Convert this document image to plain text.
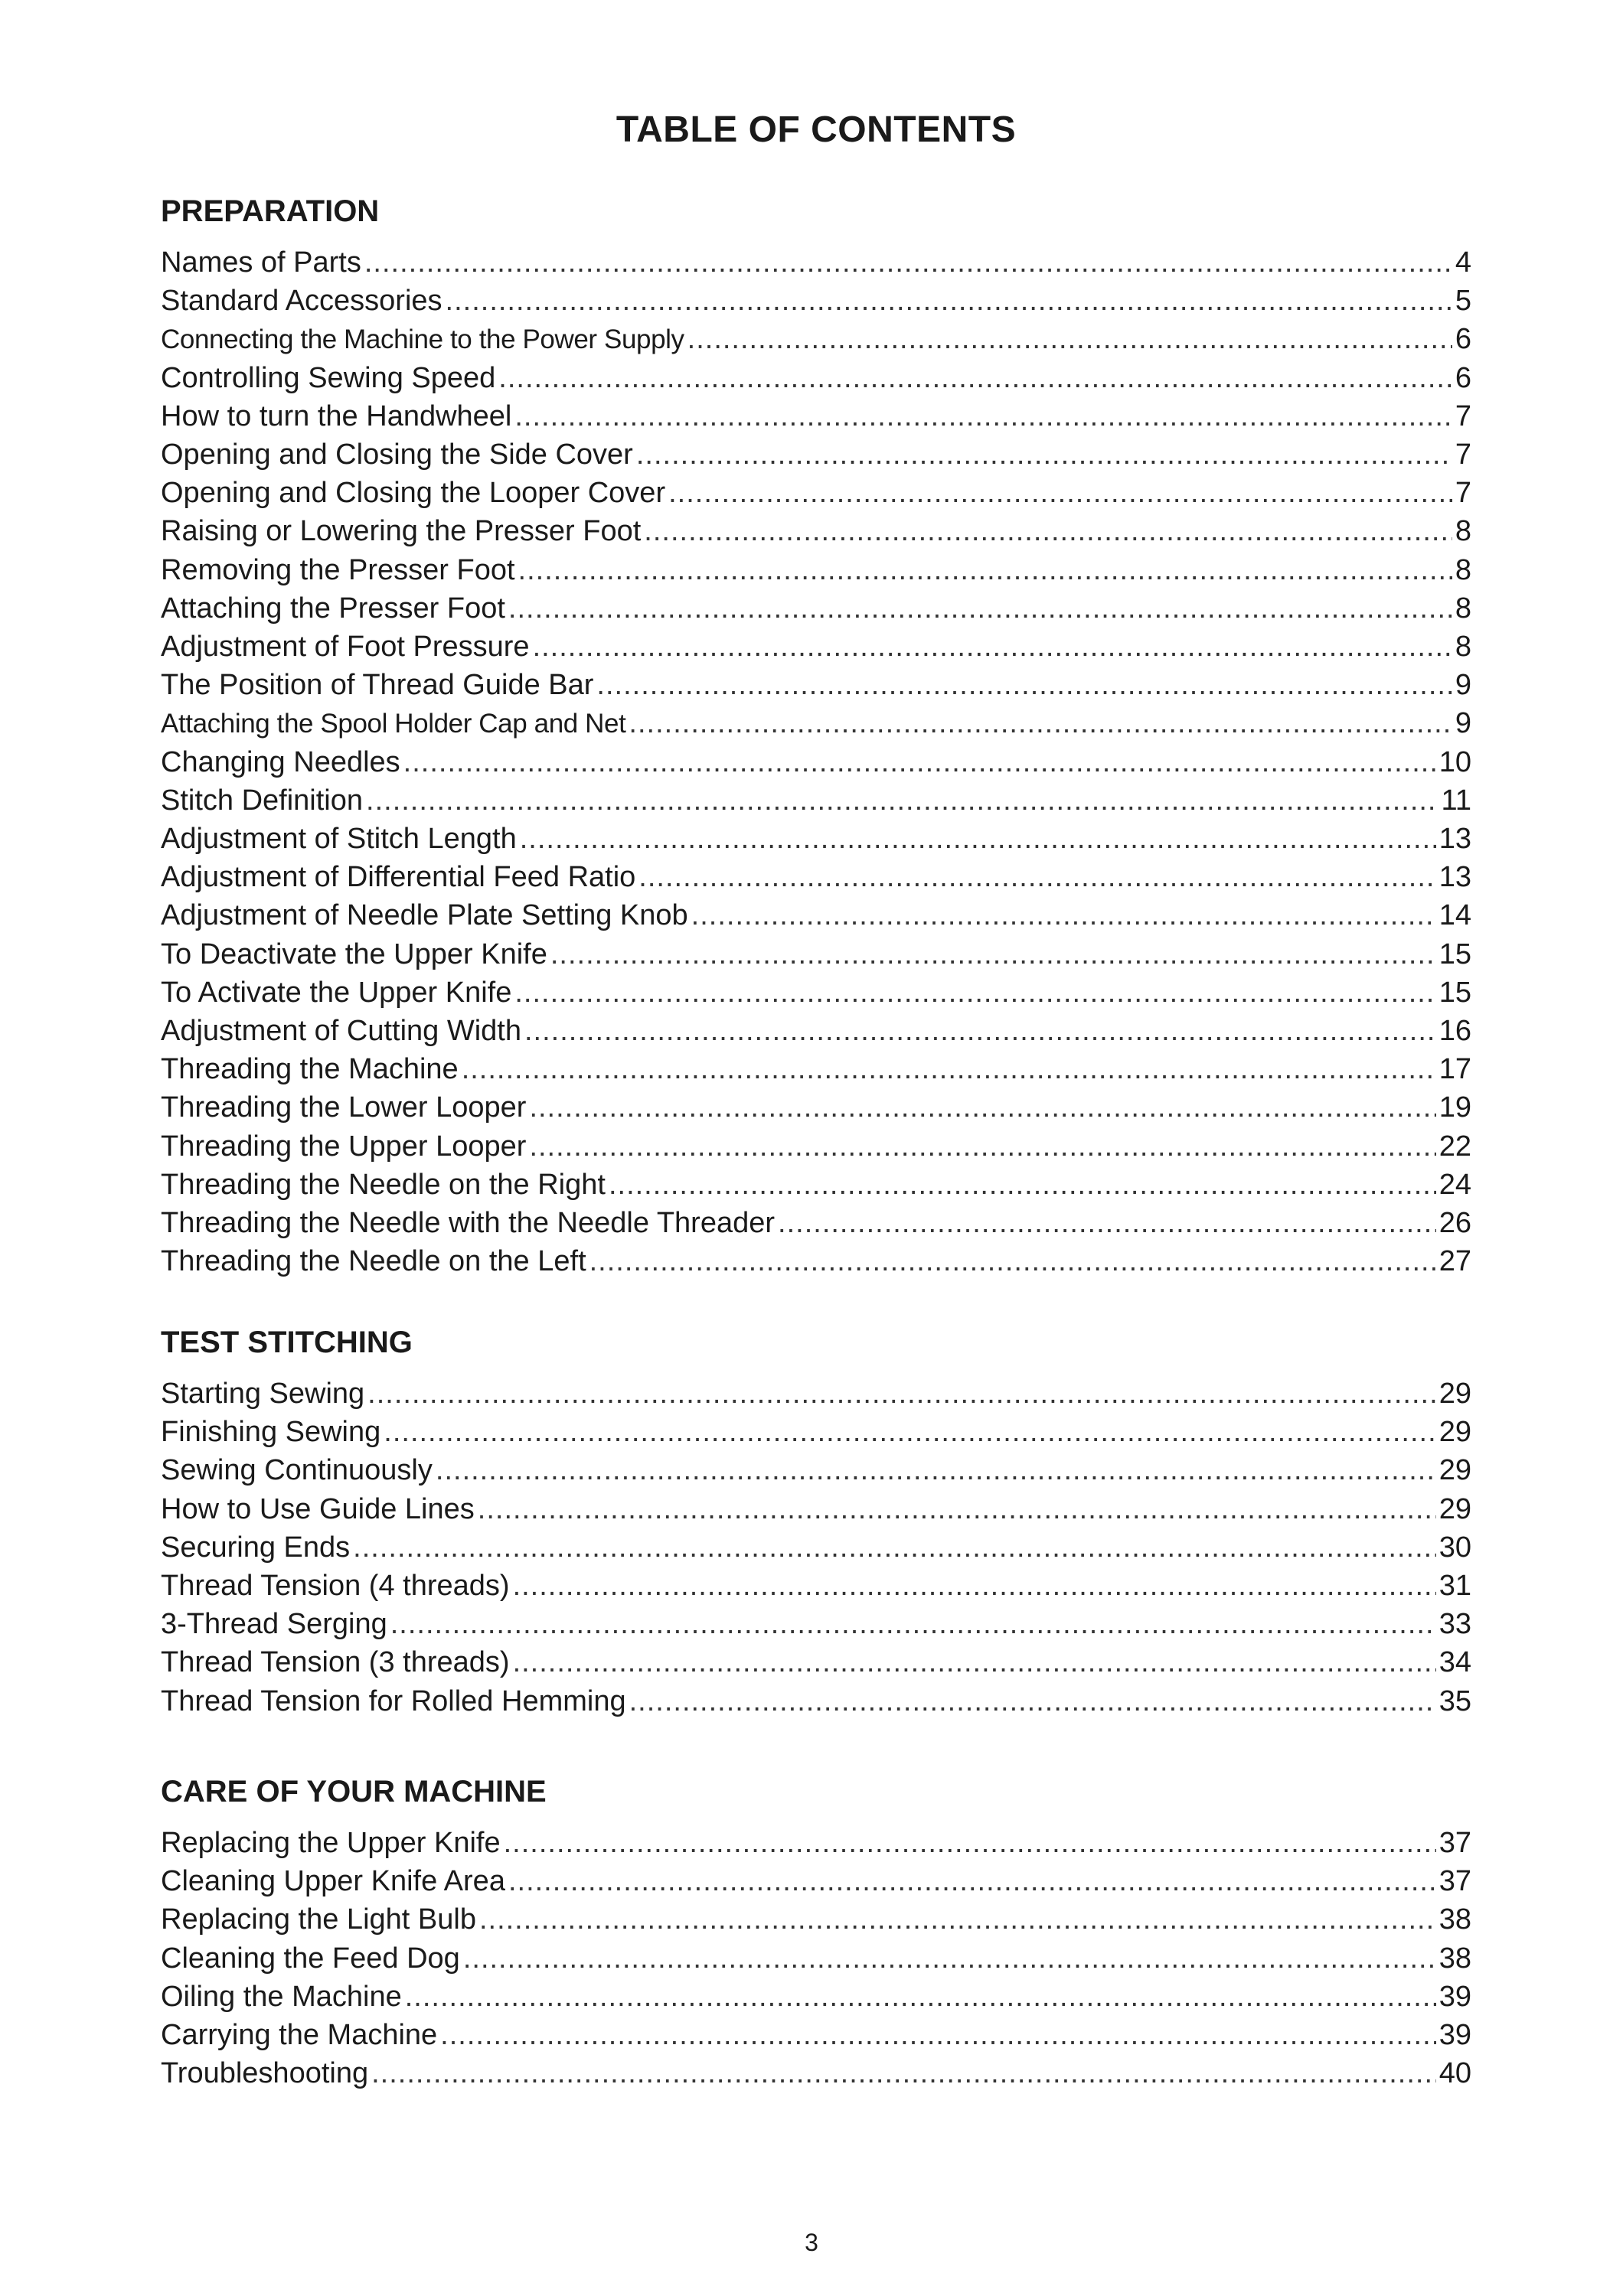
TABLE OF CONTENTS
PREPARATION
Names of Parts .....	4
Standard Accessories .....	5
Connecting the Machine to the Power Supply .....	6
Controlling Sewing Speed .....	6
How to turn the Handwheel .....	7
Opening and Closing the Side Cover .....	7
Opening and Closing the Looper Cover .....	7
Raising or Lowering the Presser Foot .....	8
Removing the Presser Foot .....	8
Attaching the Presser Foot .....	8
Adjustment of Foot Pressure .....	8
The Position of Thread Guide Bar .....	9
Attaching the Spool Holder Cap and Net .....	9
Changing Needles .....	10
Stitch Definition .....	11
Adjustment of Stitch Length .....	13
Adjustment of Differential Feed Ratio .....	13
Adjustment of Needle Plate Setting Knob .....	14
To Deactivate the Upper Knife .....	15
To Activate the Upper Knife .....	15
Adjustment of Cutting Width .....	16
Threading the Machine .....	17
Threading the Lower Looper .....	19
Threading the Upper Looper .....	22
Threading the Needle on the Right .....	24
Threading the Needle with the Needle Threader .....	26
Threading the Needle on the Left .....	27
TEST STITCHING
Starting Sewing .....	29
Finishing Sewing .....	29
Sewing Continuously .....	29
How to Use Guide Lines .....	29
Securing Ends .....	30
Thread Tension (4 threads) .....	31
3-Thread Serging .....	33
Thread Tension (3 threads) .....	34
Thread Tension for Rolled Hemming .....	35
CARE OF YOUR MACHINE
Replacing the Upper Knife .....	37
Cleaning Upper Knife Area .....	37
Replacing the Light Bulb .....	38
Cleaning the Feed Dog .....	38
Oiling the Machine .....	39
Carrying the Machine .....	39
Troubleshooting .....	40
3
